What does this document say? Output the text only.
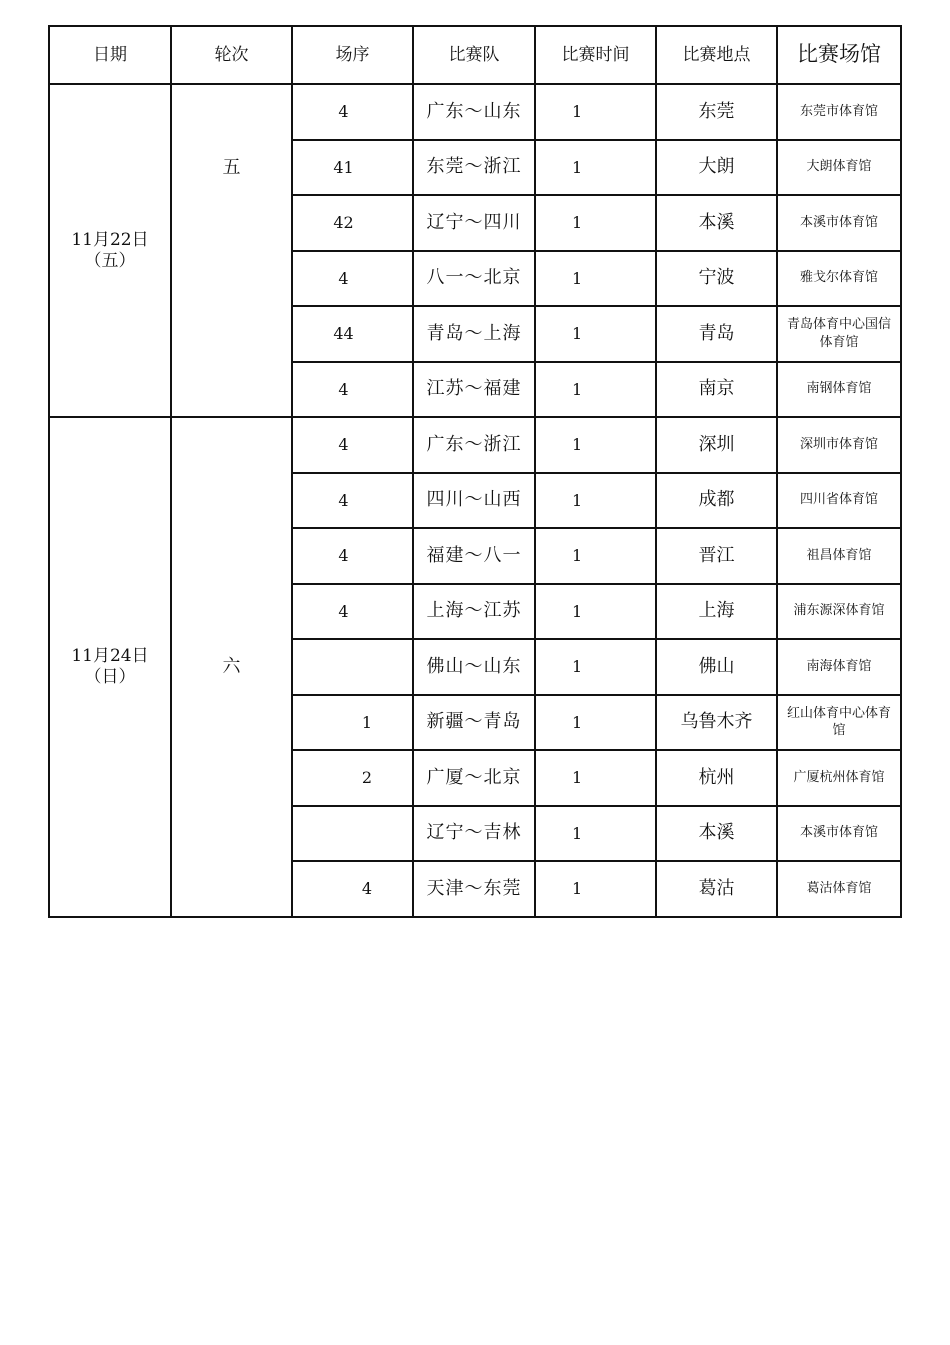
日期	轮次	场序	比赛队	比赛时间	比赛地点	比赛场馆

11月22日
（五）	五	4	广东～山东	1	东莞	东莞市体育馆
		41	东莞～浙江	1	大朗	大朗体育馆
		42	辽宁～四川	1	本溪	本溪市体育馆
		4	八一～北京	1	宁波	雅戈尔体育馆
		44	青岛～上海	1	青岛	青岛体育中心国信体育馆
		4	江苏～福建	1	南京	南钢体育馆

11月24日
（日）	六	4	广东～浙江	1	深圳	深圳市体育馆
		4	四川～山西	1	成都	四川省体育馆
		4	福建～八一	1	晋江	祖昌体育馆
		4	上海～江苏	1	上海	浦东源深体育馆
			佛山～山东	1	佛山	南海体育馆
		1	新疆～青岛	1	乌鲁木齐	红山体育中心体育馆
		2	广厦～北京	1	杭州	广厦杭州体育馆
			辽宁～吉林	1	本溪	本溪市体育馆
		4	天津～东莞	1	葛沽	葛沽体育馆
